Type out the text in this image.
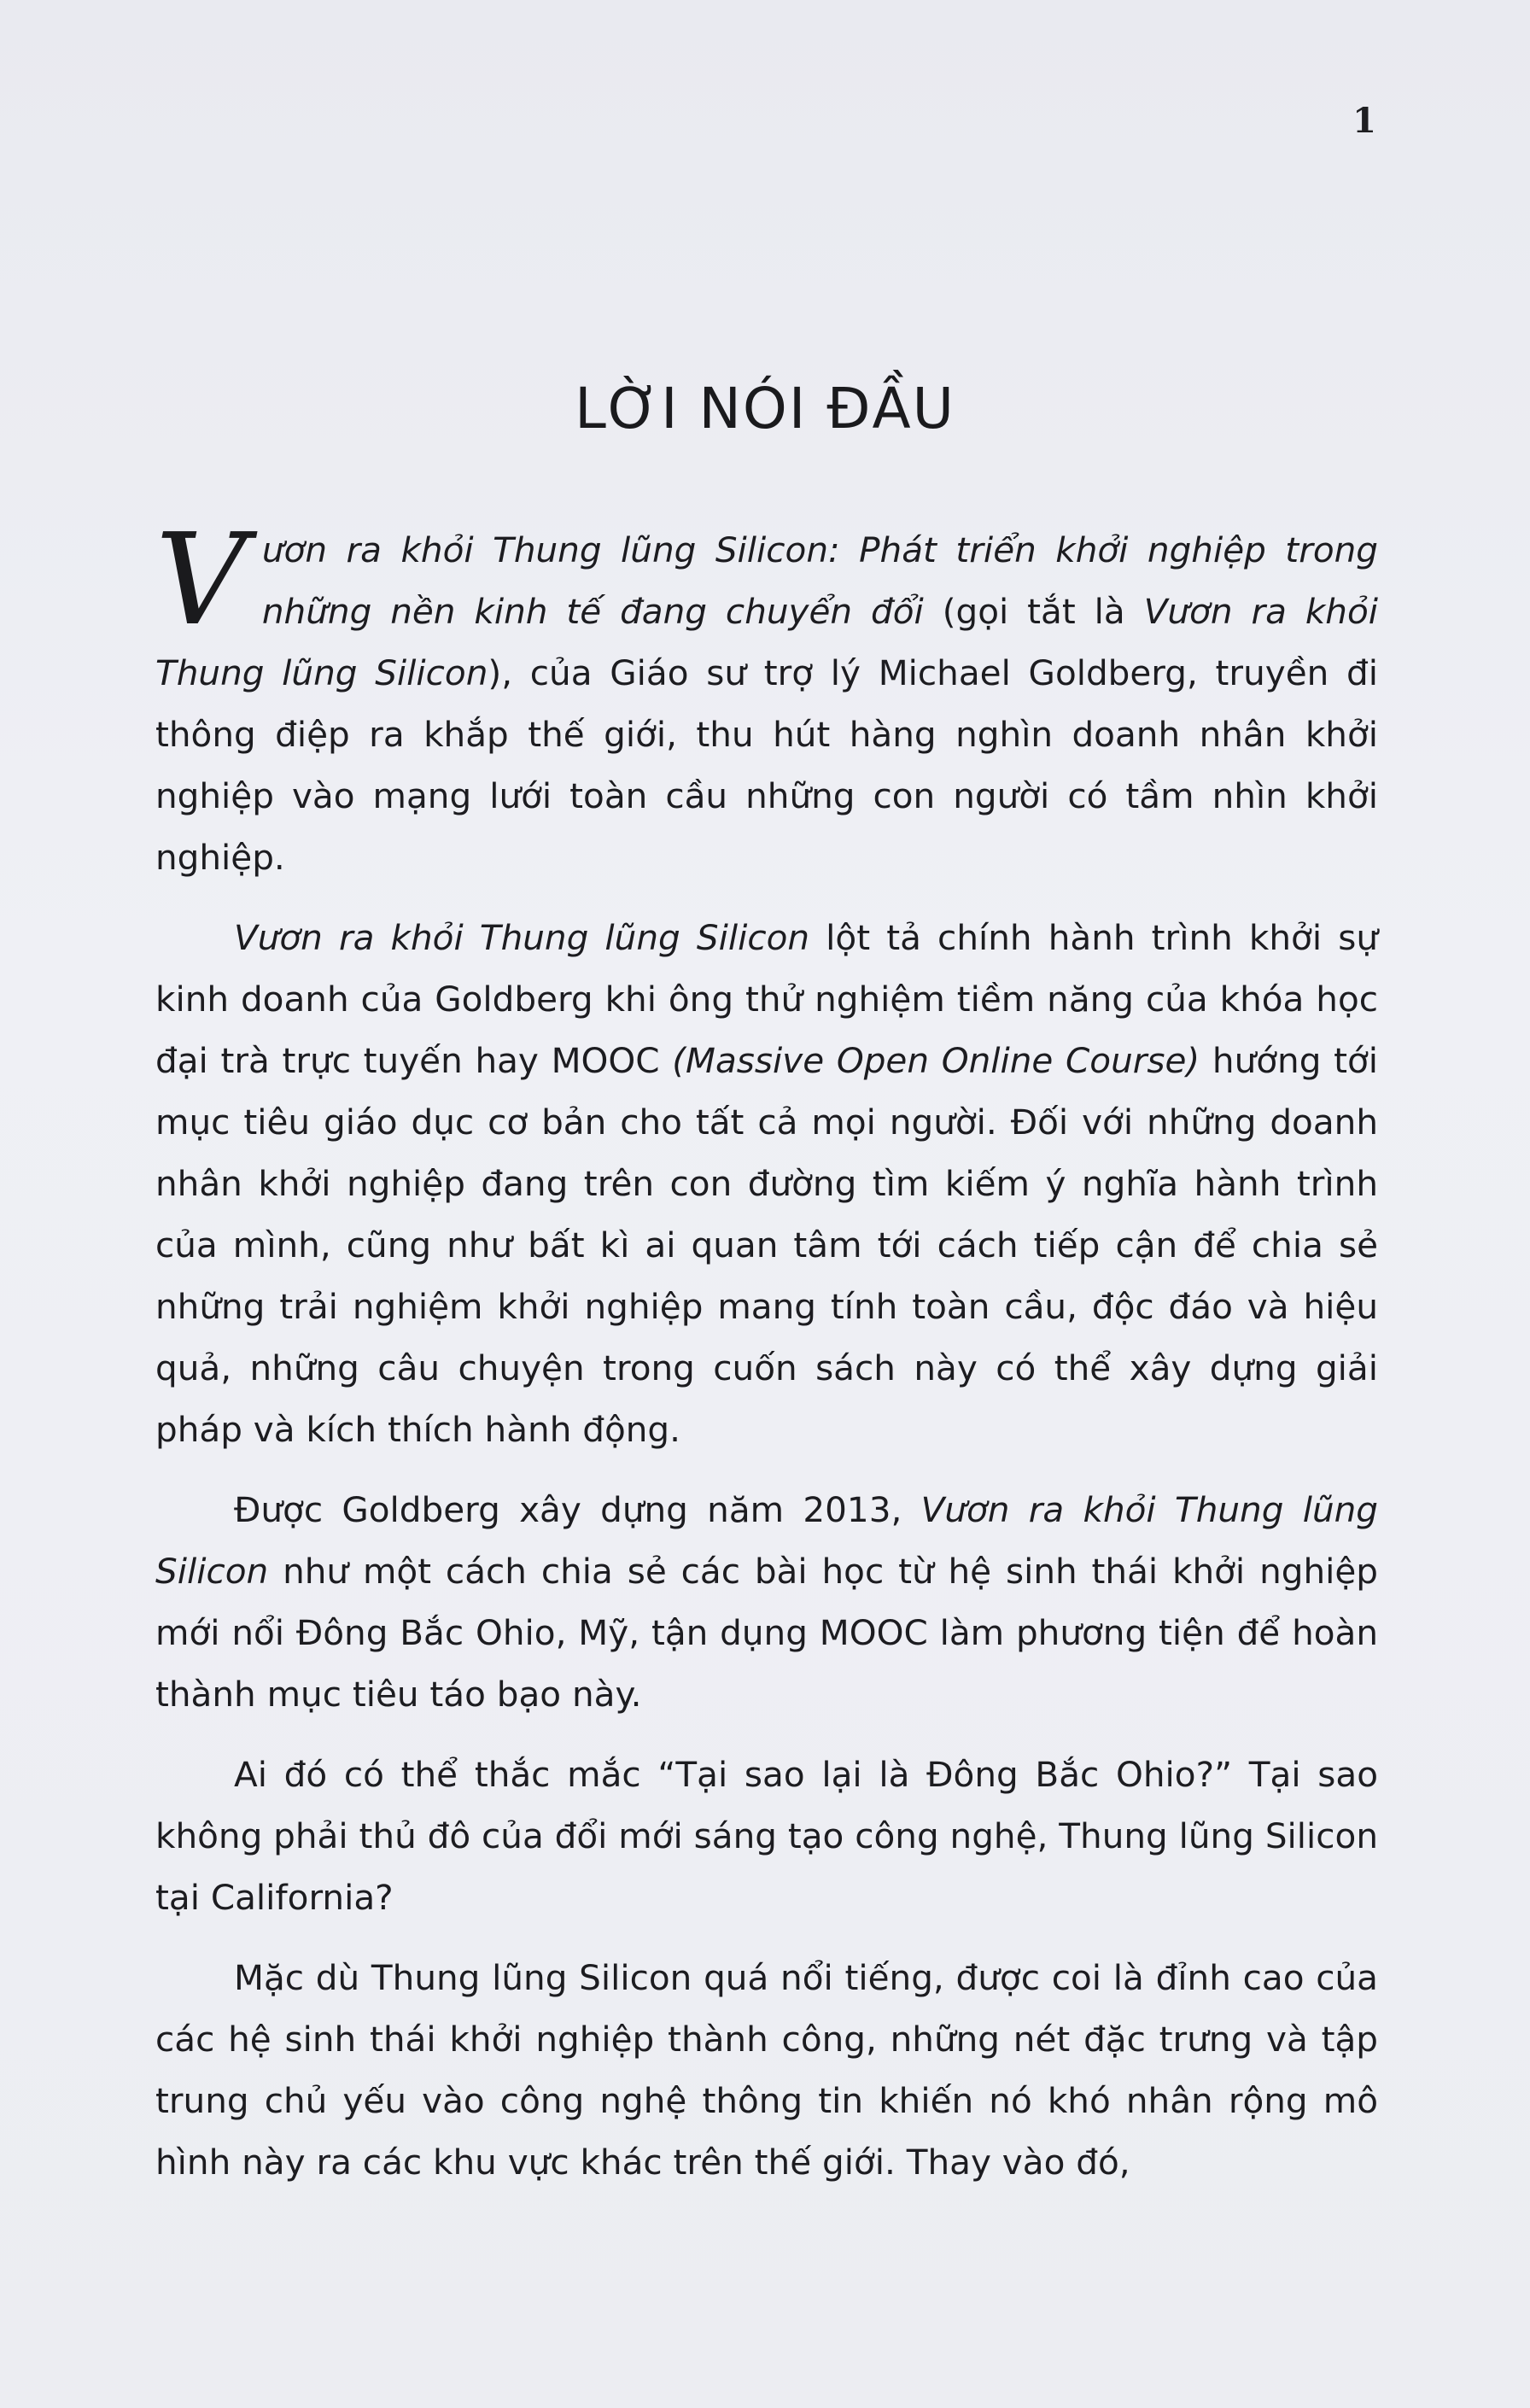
1
LỜI NÓI ĐẦU

Vươn ra khỏi Thung lũng Silicon: Phát triển khởi nghiệp trong những nền kinh tế đang chuyển đổi (gọi tắt là Vươn ra khỏi Thung lũng Silicon), của Giáo sư trợ lý Michael Goldberg, truyền đi thông điệp ra khắp thế giới, thu hút hàng nghìn doanh nhân khởi nghiệp vào mạng lưới toàn cầu những con người có tầm nhìn khởi nghiệp.

Vươn ra khỏi Thung lũng Silicon lột tả chính hành trình khởi sự kinh doanh của Goldberg khi ông thử nghiệm tiềm năng của khóa học đại trà trực tuyến hay MOOC (Massive Open Online Course) hướng tới mục tiêu giáo dục cơ bản cho tất cả mọi người. Đối với những doanh nhân khởi nghiệp đang trên con đường tìm kiếm ý nghĩa hành trình của mình, cũng như bất kì ai quan tâm tới cách tiếp cận để chia sẻ những trải nghiệm khởi nghiệp mang tính toàn cầu, độc đáo và hiệu quả, những câu chuyện trong cuốn sách này có thể xây dựng giải pháp và kích thích hành động.

Được Goldberg xây dựng năm 2013, Vươn ra khỏi Thung lũng Silicon như một cách chia sẻ các bài học từ hệ sinh thái khởi nghiệp mới nổi Đông Bắc Ohio, Mỹ, tận dụng MOOC làm phương tiện để hoàn thành mục tiêu táo bạo này.

Ai đó có thể thắc mắc “Tại sao lại là Đông Bắc Ohio?” Tại sao không phải thủ đô của đổi mới sáng tạo công nghệ, Thung lũng Silicon tại California?

Mặc dù Thung lũng Silicon quá nổi tiếng, được coi là đỉnh cao của các hệ sinh thái khởi nghiệp thành công, những nét đặc trưng và tập trung chủ yếu vào công nghệ thông tin khiến nó khó nhân rộng mô hình này ra các khu vực khác trên thế giới. Thay vào đó,
